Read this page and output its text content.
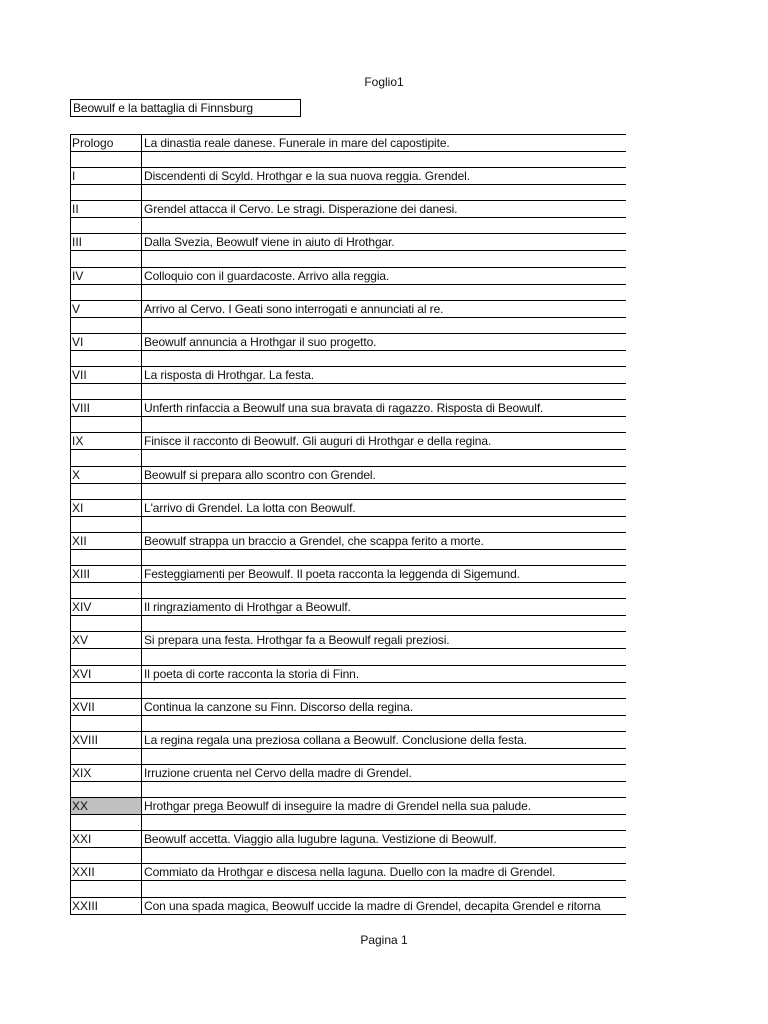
Foglio1
Beowulf e la battaglia di Finnsburg
Prologo	La dinastia reale danese. Funerale in mare del capostipite.
I	Discendenti di Scyld. Hrothgar e la sua nuova reggia. Grendel.
II	Grendel attacca il Cervo. Le stragi. Disperazione dei danesi.
III	Dalla Svezia, Beowulf viene in aiuto di Hrothgar.
IV	Colloquio con il guardacoste. Arrivo alla reggia.
V	Arrivo al Cervo. I Geati sono interrogati e annunciati al re.
VI	Beowulf annuncia a Hrothgar il suo progetto.
VII	La risposta di Hrothgar. La festa.
VIII	Unferth rinfaccia a Beowulf una sua bravata di ragazzo. Risposta di Beowulf.
IX	Finisce il racconto di Beowulf. Gli auguri di Hrothgar e della regina.
X	Beowulf si prepara allo scontro con Grendel.
XI	L'arrivo di Grendel. La lotta con Beowulf.
XII	Beowulf strappa un braccio a Grendel, che scappa ferito a morte.
XIII	Festeggiamenti per Beowulf. Il poeta racconta la leggenda di Sigemund.
XIV	Il ringraziamento di Hrothgar a Beowulf.
XV	Si prepara una festa. Hrothgar fa a Beowulf regali preziosi.
XVI	Il poeta di corte racconta la storia di Finn.
XVII	Continua la canzone su Finn. Discorso della regina.
XVIII	La regina regala una preziosa collana a Beowulf. Conclusione della festa.
XIX	Irruzione cruenta nel Cervo della madre di Grendel.
XX	Hrothgar prega Beowulf di inseguire la madre di Grendel nella sua palude.
XXI	Beowulf accetta. Viaggio alla lugubre laguna. Vestizione di Beowulf.
XXII	Commiato da Hrothgar e discesa nella laguna. Duello con la madre di Grendel.
XXIII	Con una spada magica, Beowulf uccide la madre di Grendel, decapita Grendel e ritorna
Pagina 1
